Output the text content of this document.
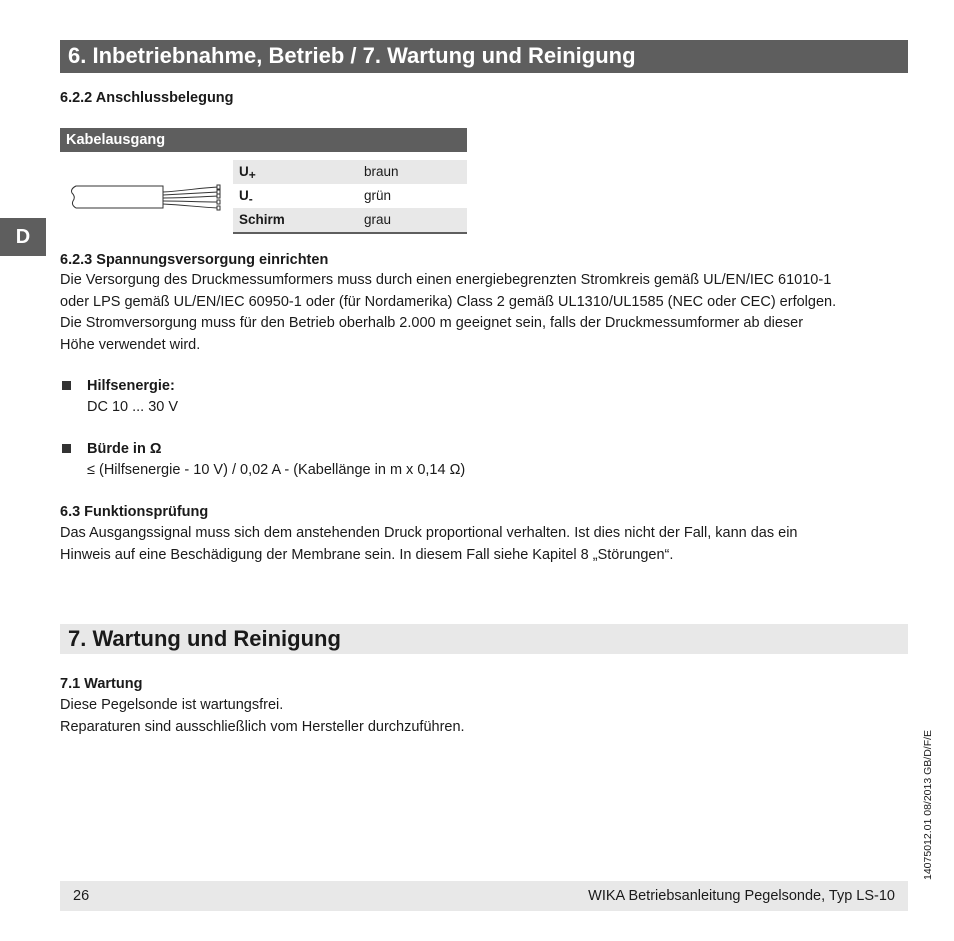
6. Inbetriebnahme, Betrieb / 7. Wartung und Reinigung
D
6.2.2 Anschlussbelegung
Kabelausgang
$U_+$	braun
$U_-$	grün
Schirm	grau
6.2.3 Spannungsversorgung einrichten
Die Versorgung des Druckmessumformers muss durch einen energiebegrenzten Stromkreis gemäß UL/EN/IEC 61010-1
oder LPS gemäß UL/EN/IEC 60950-1 oder (für Nordamerika) Class 2 gemäß UL1310/UL1585 (NEC oder CEC) erfolgen.
Die Stromversorgung muss für den Betrieb oberhalb 2.000 m geeignet sein, falls der Druckmessumformer ab dieser
Höhe verwendet wird.
Hilfsenergie:
DC 10 ... 30 V
Bürde in Ω
≤ (Hilfsenergie - 10 V) / 0,02 A - (Kabellänge in m x 0,14 Ω)
6.3 Funktionsprüfung
Das Ausgangssignal muss sich dem anstehenden Druck proportional verhalten. Ist dies nicht der Fall, kann das ein
Hinweis auf eine Beschädigung der Membrane sein. In diesem Fall siehe Kapitel 8 „Störungen“.
7. Wartung und Reinigung
7.1 Wartung
Diese Pegelsonde ist wartungsfrei.
Reparaturen sind ausschließlich vom Hersteller durchzuführen.
14075012.01 08/2013 GB/D/F/E
26	WIKA Betriebsanleitung Pegelsonde, Typ LS-10
